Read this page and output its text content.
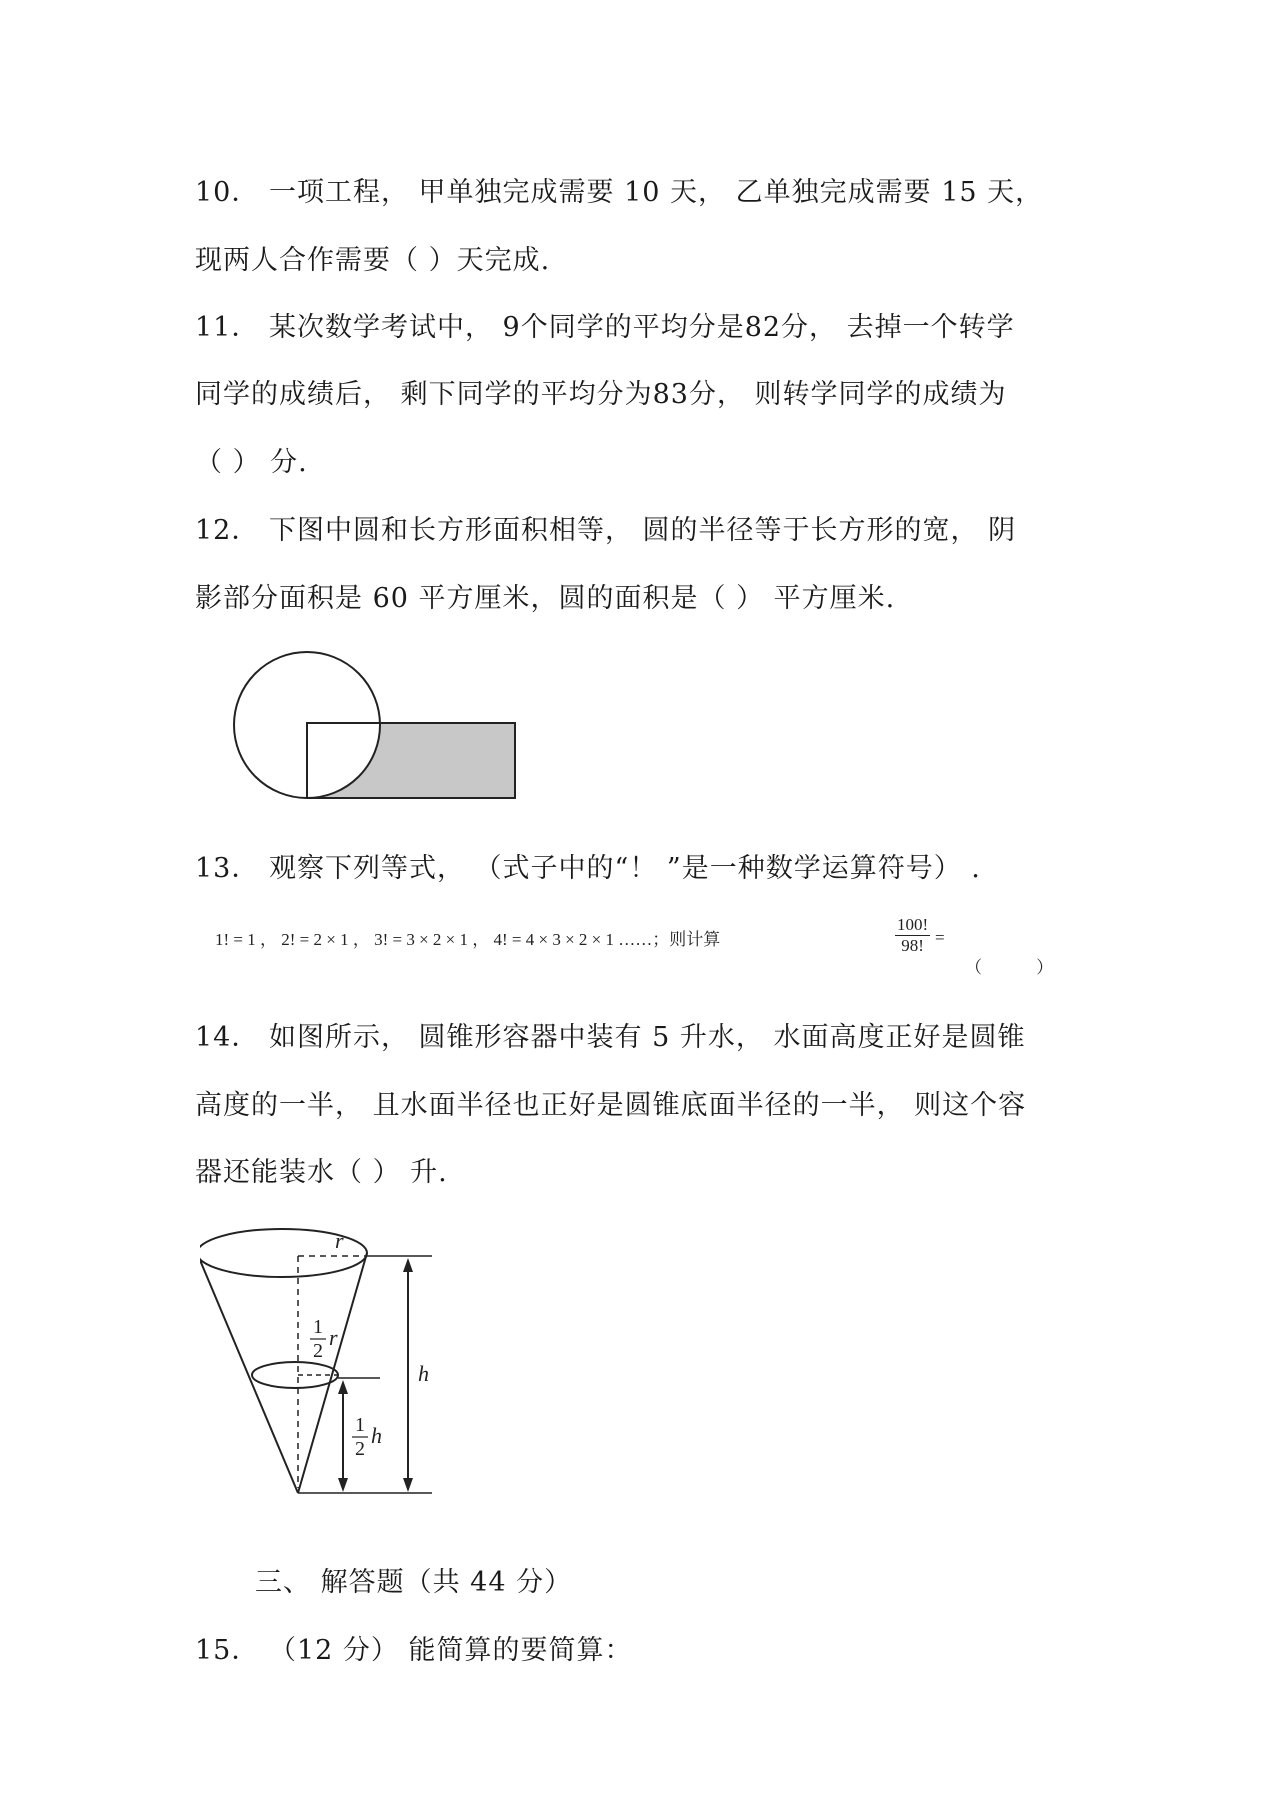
10． 一项工程， 甲单独完成需要 10 天， 乙单独完成需要 15 天，
现两人合作需要（ ）天完成.
11． 某次数学考试中， 9个同学的平均分是82分， 去掉一个转学
同学的成绩后， 剩下同学的平均分为83分， 则转学同学的成绩为
（ ） 分.
12． 下图中圆和长方形面积相等， 圆的半径等于长方形的宽， 阴
影部分面积是 60 平方厘米，圆的面积是（ ） 平方厘米.
13． 观察下列等式， （式子中的“！ ”是一种数学运算符号） .
1! = 1 ， 2! = 2 × 1 ， 3! = 3 × 2 × 1 ， 4! = 4 × 3 × 2 × 1 ……；则计算	$\frac{100!}{98!}$ =
（ ）
14． 如图所示， 圆锥形容器中装有 5 升水， 水面高度正好是圆锥
高度的一半， 且水面半径也正好是圆锥底面半径的一半， 则这个容
器还能装水（ ） 升.
r
1
2
r
1
2
h
h
三、 解答题（共 44 分）
15． （12 分） 能简算的要简算：
